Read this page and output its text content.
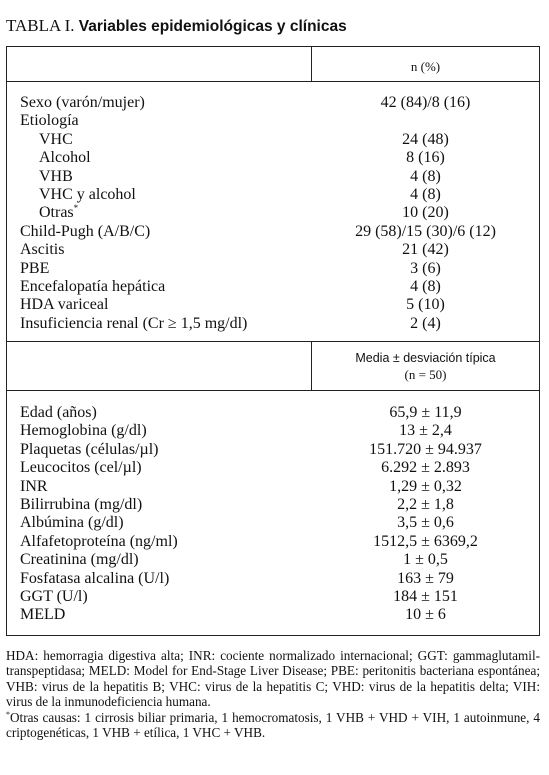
TABLA I. Variables epidemiológicas y clínicas
n (%)
Sexo (varón/mujer)	42 (84)/8 (16)
Etiología
VHC	24 (48)
Alcohol	8 (16)
VHB	4 (8)
VHC y alcohol	4 (8)
Otras*	10 (20)
Child-Pugh (A/B/C)	29 (58)/15 (30)/6 (12)
Ascitis	21 (42)
PBE	3 (6)
Encefalopatía hepática	4 (8)
HDA variceal	5 (10)
Insuficiencia renal (Cr ≥ 1,5 mg/dl)	2 (4)
Media ± desviación típica
(n = 50)
Edad (años)	65,9 ± 11,9
Hemoglobina (g/dl)	13 ± 2,4
Plaquetas (células/µl)	151.720 ± 94.937
Leucocitos (cel/µl)	6.292 ± 2.893
INR	1,29 ± 0,32
Bilirrubina (mg/dl)	2,2 ± 1,8
Albúmina (g/dl)	3,5 ± 0,6
Alfafetoproteína (ng/ml)	1512,5 ± 6369,2
Creatinina (mg/dl)	1 ± 0,5
Fosfatasa alcalina (U/l)	163 ± 79
GGT (U/l)	184 ± 151
MELD	10 ± 6

HDA: hemorragia digestiva alta; INR: cociente normalizado internacional; GGT: gammaglutamil-transpeptidasa; MELD: Model for End-Stage Liver Disease; PBE: peritonitis bacteriana espontánea; VHB: virus de la hepatitis B; VHC: virus de la hepatitis C; VHD: virus de la hepatitis delta; VIH: virus de la inmunodeficiencia humana.

*Otras causas: 1 cirrosis biliar primaria, 1 hemocromatosis, 1 VHB + VHD + VIH, 1 autoinmune, 4 criptogenéticas, 1 VHB + etílica, 1 VHC + VHB.
